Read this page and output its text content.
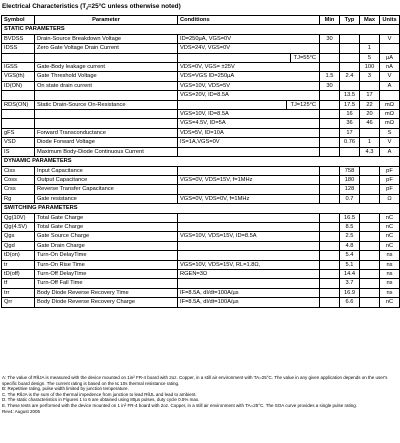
Electrical Characteristics (T⁁=25°C unless otherwise noted)
Symbol	Parameter	Conditions	Min	Typ	Max	Units
STATIC PARAMETERS						
BVDSS	Drain-Source Breakdown Voltage	ID=250µA, VGS=0V	30			V
IDSS	Zero Gate Voltage Drain Current	VDS=24V, VGS=0V			1	

		TJ=55°C			5	µA
IGSS	Gate-Body leakage current	VDS=0V, VGS= ±25V			100	nA
VGS(th)	Gate Threshold Voltage	VDS=VGS ID=250µA	1.5	2.4	3	V
ID(ON)	On state drain current	VGS=10V, VDS=5V	30			A
		VGS=20V, ID=8.5A		13.5	17	
RDS(ON)	Static Drain-Source On-Resistance	TJ=125°C		17.5	22	mΩ
		VGS=10V, ID=8.5A		16	20	mΩ
		VGS=4.5V, ID=5A		36	46	mΩ
gFS	Forward Transconductance	VDS=5V, ID=10A		17		S
VSD	Diode Forward Voltage	IS=1A,VGS=0V		0.76	1	V
IS	Maximum Body-Diode Continuous Current				4.3	A
DYNAMIC PARAMETERS						
Ciss	Input Capacitance			758		pF
Coss	Output Capacitance	VGS=0V, VDS=15V, f=1MHz		180		pF
Crss	Reverse Transfer Capacitance			128		pF
Rg	Gate resistance	VGS=0V, VDS=0V, f=1MHz		0.7		Ω
SWITCHING PARAMETERS						
Qg(10V)	Total Gate Charge			16.5		nC
Qg(4.5V)	Total Gate Charge			8.5		nC
Qgs	Gate Source Charge	VGS=10V, VDS=15V, ID=8.5A		2.5		nC
Qgd	Gate Drain Charge			4.8		nC
tD(on)	Turn-On DelayTime			5.4		ns
tr	Turn-On Rise Time	VGS=10V, VDS=15V, RL=1.8Ω,		5.1		ns
tD(off)	Turn-Off DelayTime	RGEN=3Ω		14.4		ns
tf	Turn-Off Fall Time			3.7		ns
trr	Body Diode Reverse Recovery Time	IF=8.5A, dI/dt=100A/µs		16.9		ns
Qrr	Body Diode Reverse Recovery Charge	IF=8.5A, dI/dt=100A/µs		6.6		nC
A: The value of RθJA is measured with the device mounted on 1in² FR-4 board with 2oz. Copper, in a still air environment with TA=25°C. The value in any given application depends on the user's specific board design. The current rating is based on the t≤ 10s thermal resistance rating.
B: Repetitive rating, pulse width limited by junction temperature.
C. The RθJA is the sum of the thermal impedence from junction to lead RθJL and lead to ambient.
D. The static characteristics in Figures 1 to 6 are obtained using 80µs pulses, duty cycle 0.5% max.
E. These tests are performed with the device mounted on 1 in² FR-4 board with 2oz. Copper, in a still air environment with TA=25°C. The SOA curve provides a single pulse rating.
Rev4: August 2005
